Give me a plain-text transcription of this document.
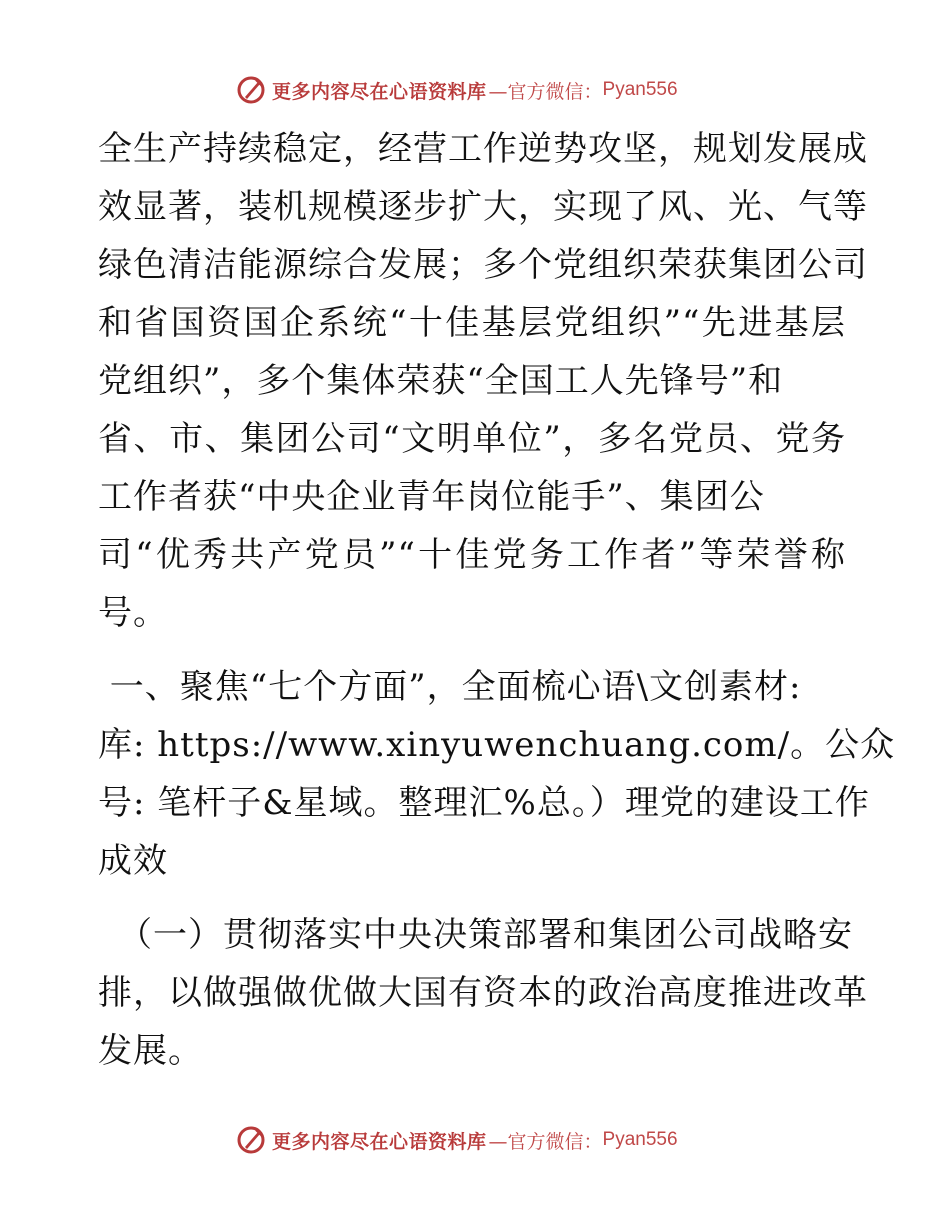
更多内容尽在心语资料库 —官方微信： Pyan556
全生产持续稳定，经营工作逆势攻坚，规划发展成
效显著，装机规模逐步扩大，实现了风、光、气等
绿色清洁能源综合发展；多个党组织荣获集团公司
和省国资国企系统“十佳基层党组织”“先进基层
党组织”，多个集体荣获“全国工人先锋号”和
省、市、集团公司“文明单位”，多名党员、党务
工作者获“中央企业青年岗位能手”、集团公
司“优秀共产党员”“十佳党务工作者”等荣誉称
号。
一、聚焦“七个方面”，全面梳心语\文创素材:
库: https://www.xinyuwenchuang.com/。公众
号: 笔杆子&星域。整理汇%总。）理党的建设工作
成效
（一）贯彻落实中央决策部署和集团公司战略安
排，以做强做优做大国有资本的政治高度推进改革
发展。
更多内容尽在心语资料库 —官方微信： Pyan556
